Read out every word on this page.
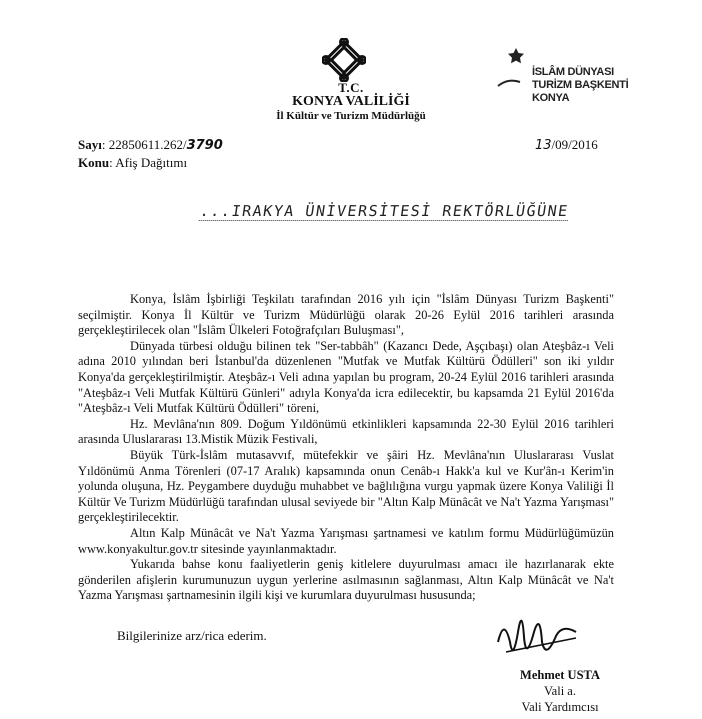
T.C.
KONYA VALİLİĞİ
İl Kültür ve Turizm Müdürlüğü
İSLÂM DÜNYASI
TURİZM BAŞKENTİ
KONYA
Sayı: 22850611.262/3790
Konu: Afiş Dağıtımı
13/09/2016
...IRAKYA ÜNİVERSİTESİ REKTÖRLÜĞÜNE

Konya, İslâm İşbirliği Teşkilatı tarafından 2016 yılı için "İslâm Dünyası Turizm Başkenti" seçilmiştir. Konya İl Kültür ve Turizm Müdürlüğü olarak 20-26 Eylül 2016 tarihleri arasında gerçekleştirilecek olan "İslâm Ülkeleri Fotoğrafçıları Buluşması",

Dünyada türbesi olduğu bilinen tek "Ser-tabbâh" (Kazancı Dede, Aşçıbaşı) olan Ateşbâz-ı Veli adına 2010 yılından beri İstanbul'da düzenlenen "Mutfak ve Mutfak Kültürü Ödülleri" son iki yıldır Konya'da gerçekleştirilmiştir. Ateşbâz-ı Veli adına yapılan bu program, 20-24 Eylül 2016 tarihleri arasında "Ateşbâz-ı Veli Mutfak Kültürü Günleri" adıyla Konya'da icra edilecektir, bu kapsamda 21 Eylül 2016'da "Ateşbâz-ı Veli Mutfak Kültürü Ödülleri" töreni,

Hz. Mevlâna'nın 809. Doğum Yıldönümü etkinlikleri kapsamında 22-30 Eylül 2016 tarihleri arasında Uluslararası 13.Mistik Müzik Festivali,

Büyük Türk-İslâm mutasavvıf, mütefekkir ve şâiri Hz. Mevlâna'nın Uluslararası Vuslat Yıldönümü Anma Törenleri (07-17 Aralık) kapsamında onun Cenâb-ı Hakk'a kul ve Kur'ân-ı Kerim'in yolunda oluşuna, Hz. Peygambere duyduğu muhabbet ve bağlılığına vurgu yapmak üzere Konya Valiliği İl Kültür Ve Turizm Müdürlüğü tarafından ulusal seviyede bir "Altın Kalp Münâcât ve Na't Yazma Yarışması" gerçekleştirilecektir.

Altın Kalp Münâcât ve Na't Yazma Yarışması şartnamesi ve katılım formu Müdürlüğümüzün www.konyakultur.gov.tr sitesinde yayınlanmaktadır.

Yukarıda bahse konu faaliyetlerin geniş kitlelere duyurulması amacı ile hazırlanarak ekte gönderilen afişlerin kurumunuzun uygun yerlerine asılmasının sağlanması, Altın Kalp Münâcât ve Na't Yazma Yarışması şartnamesinin ilgili kişi ve kurumlara duyurulması hususunda;

Bilgilerinize arz/rica ederim.
Mehmet USTA
Vali a.
Vali Yardımcısı
